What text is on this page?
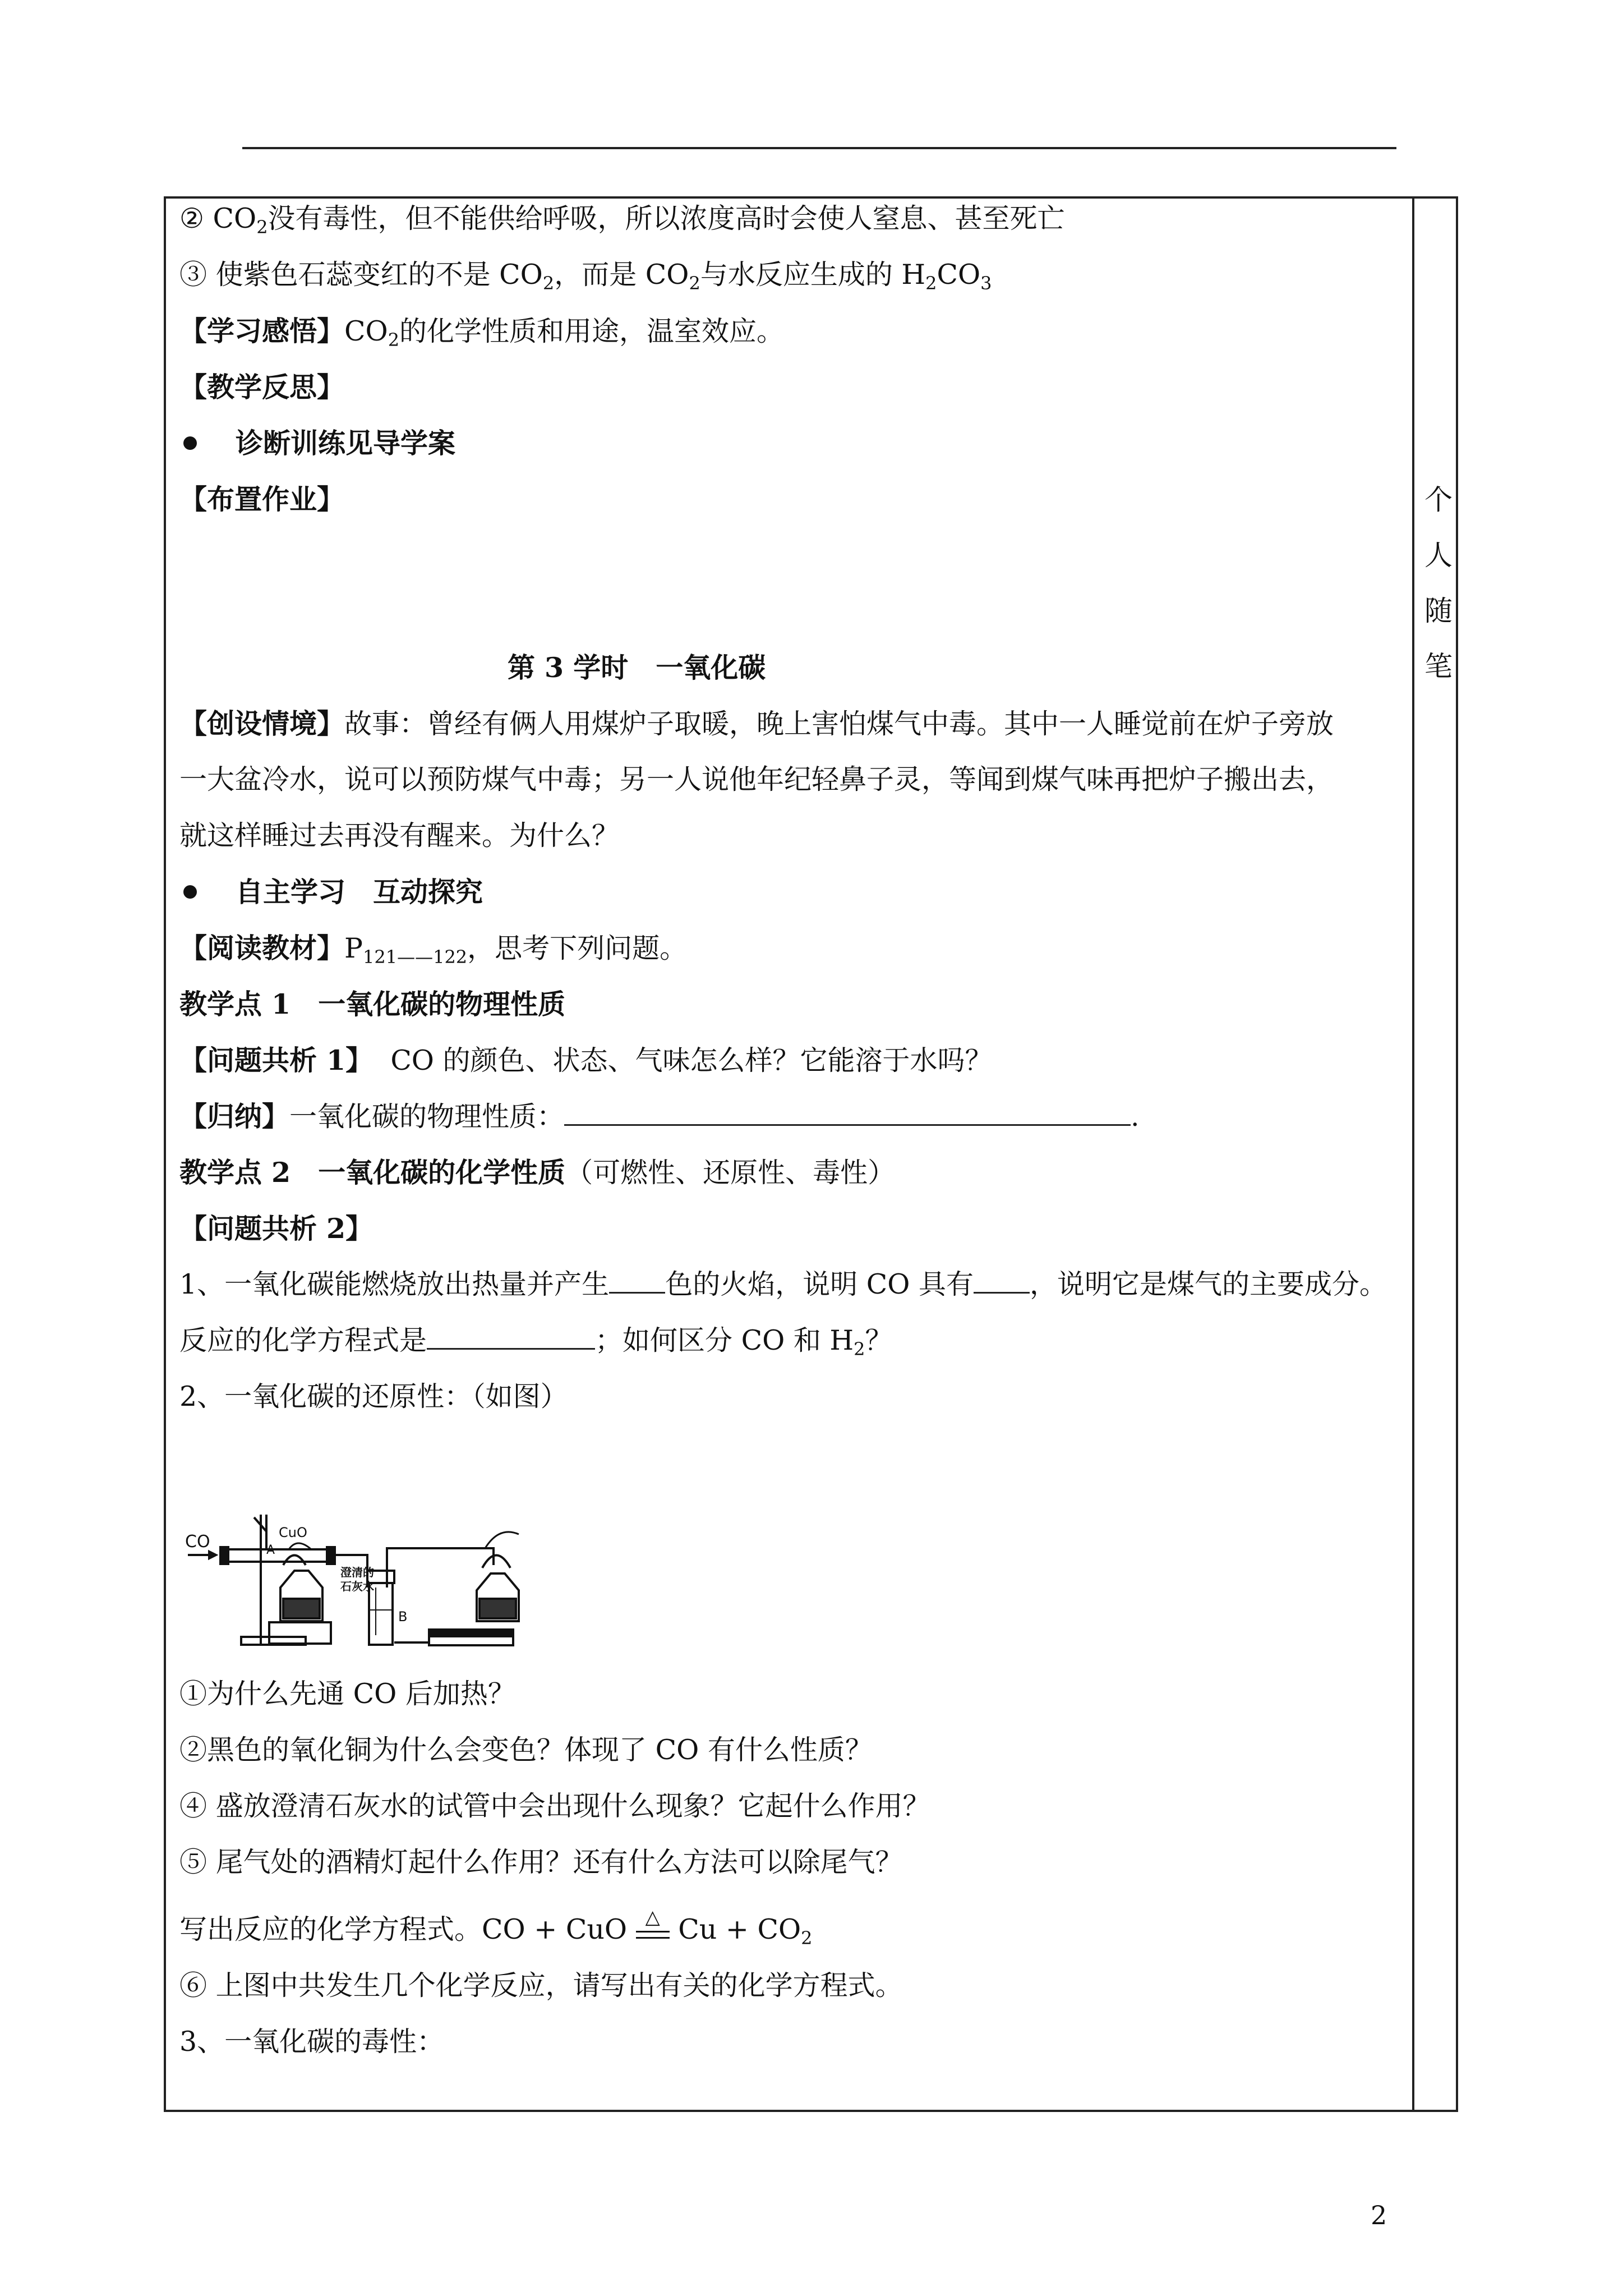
个
人
随
笔
② $CO_2$没有毒性，但不能供给呼吸，所以浓度高时会使人窒息、甚至死亡
③ 使紫色石蕊变红的不是 $CO_2$，而是 $CO_2$与水反应生成的 $H_2CO_3$
【学习感悟】$CO_2$的化学性质和用途，温室效应。
【教学反思】
诊断训练见导学案
【布置作业】
第 3 学时　一氧化碳
【创设情境】故事：曾经有俩人用煤炉子取暖，晚上害怕煤气中毒。其中一人睡觉前在炉子旁放
一大盆冷水，说可以预防煤气中毒；另一人说他年纪轻鼻子灵，等闻到煤气味再把炉子搬出去，
就这样睡过去再没有醒来。为什么？
自主学习　互动探究
【阅读教材】$P_{121——122}$，思考下列问题。
教学点 1　一氧化碳的物理性质
【问题共析 1】 CO 的颜色、状态、气味怎么样？它能溶于水吗？
【归纳】一氧化碳的物理性质：	.
教学点 2　一氧化碳的化学性质（可燃性、还原性、毒性）
【问题共析 2】
1、一氧化碳能燃烧放出热量并产生 色的火焰，说明 CO 具有 ，说明它是煤气的主要成分。
反应的化学方程式是	；如何区分 CO 和 $H_2$？
2、一氧化碳的还原性：（如图）
CO	CuO
A
B
澄清的
石灰水
①为什么先通 CO 后加热？
②黑色的氧化铜为什么会变色？体现了 CO 有什么性质？
④ 盛放澄清石灰水的试管中会出现什么现象？它起什么作用？
⑤ 尾气处的酒精灯起什么作用？还有什么方法可以除尾气？
写出反应的化学方程式。CO + CuO △ $Cu + CO_2$
⑥ 上图中共发生几个化学反应，请写出有关的化学方程式。
3、一氧化碳的毒性：
2
